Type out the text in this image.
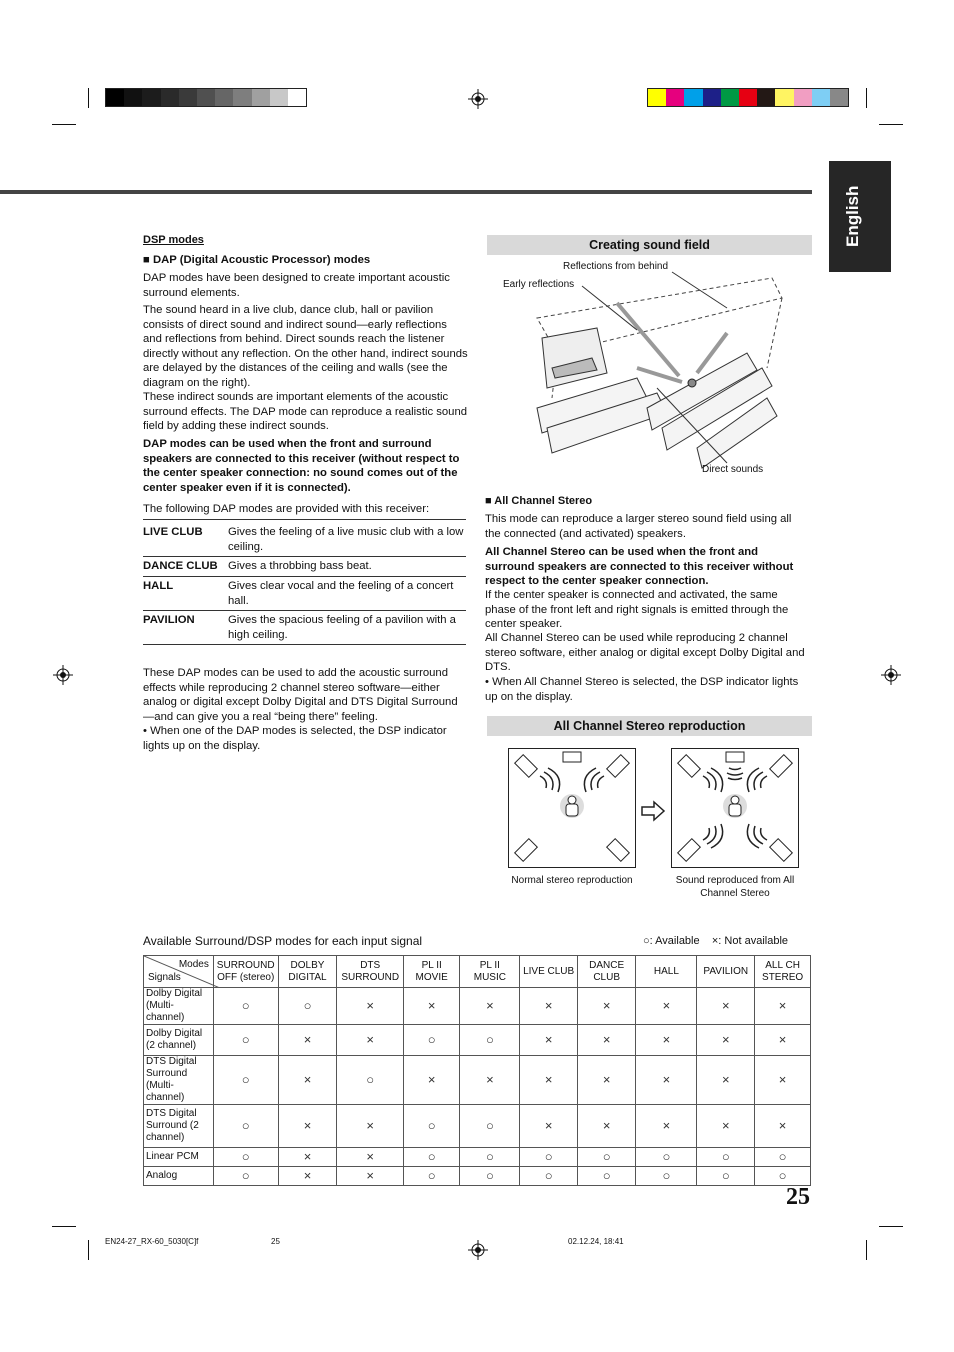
English
DSP modes
■ DAP (Digital Acoustic Processor) modes
DAP modes have been designed to create important acoustic surround elements.
The sound heard in a live club, dance club, hall or pavilion consists of direct sound and indirect sound—early reflections and reflections from behind. Direct sounds reach the listener directly without any reflection. On the other hand, indirect sounds are delayed by the distances of the ceiling and walls (see the diagram on the right).
These indirect sounds are important elements of the acoustic surround effects. The DAP mode can reproduce a realistic sound field by adding these indirect sounds.
DAP modes can be used when the front and surround speakers are connected to this receiver (without respect to the center speaker connection: no sound comes out of the center speaker even if it is connected).
The following DAP modes are provided with this receiver:
LIVE CLUB Gives the feeling of a live music club with a low ceiling.
DANCE CLUB Gives a throbbing bass beat.
HALL	Gives clear vocal and the feeling of a concert hall.
PAVILION	Gives the spacious feeling of a pavilion with a high ceiling.
These DAP modes can be used to add the acoustic surround effects while reproducing 2 channel stereo software—either analog or digital except Dolby Digital and DTS Digital Surround—and can give you a real “being there” feeling.
• When one of the DAP modes is selected, the DSP indicator lights up on the display.
Creating sound field
Reflections from behind
Early reflections
Direct sounds
■ All Channel Stereo
This mode can reproduce a larger stereo sound field using all the connected (and activated) speakers.
All Channel Stereo can be used when the front and surround speakers are connected to this receiver without respect to the center speaker connection.
If the center speaker is connected and activated, the same phase of the front left and right signals is emitted through the center speaker.
All Channel Stereo can be used while reproducing 2 channel stereo software, either analog or digital except Dolby Digital and DTS.
• When All Channel Stereo is selected, the DSP indicator lights up on the display.
All Channel Stereo reproduction
Normal stereo reproduction	Sound reproduced from All Channel Stereo
Available Surround/DSP modes for each input signal	○: Available ×: Not available
Modes
Signals	SURROUND OFF (stereo)	DOLBY DIGITAL	DTS SURROUND	PL II MOVIE	PL II MUSIC	LIVE CLUB	DANCE CLUB	HALL	PAVILION	ALL CH STEREO
Dolby Digital (Multi-channel)	○	○	×	×	×	×	×	×	×	×
Dolby Digital (2 channel)	○	×	×	○	○	×	×	×	×	×
DTS Digital Surround (Multi-channel)	○	×	○	×	×	×	×	×	×	×
DTS Digital Surround (2 channel)	○	×	×	○	○	×	×	×	×	×
Linear PCM	○	×	×	○	○	○	○	○	○	○
Analog	○	×	×	○	○	○	○	○	○	○
25
EN24-27_RX-60_5030[C]f	25	02.12.24, 18:41
